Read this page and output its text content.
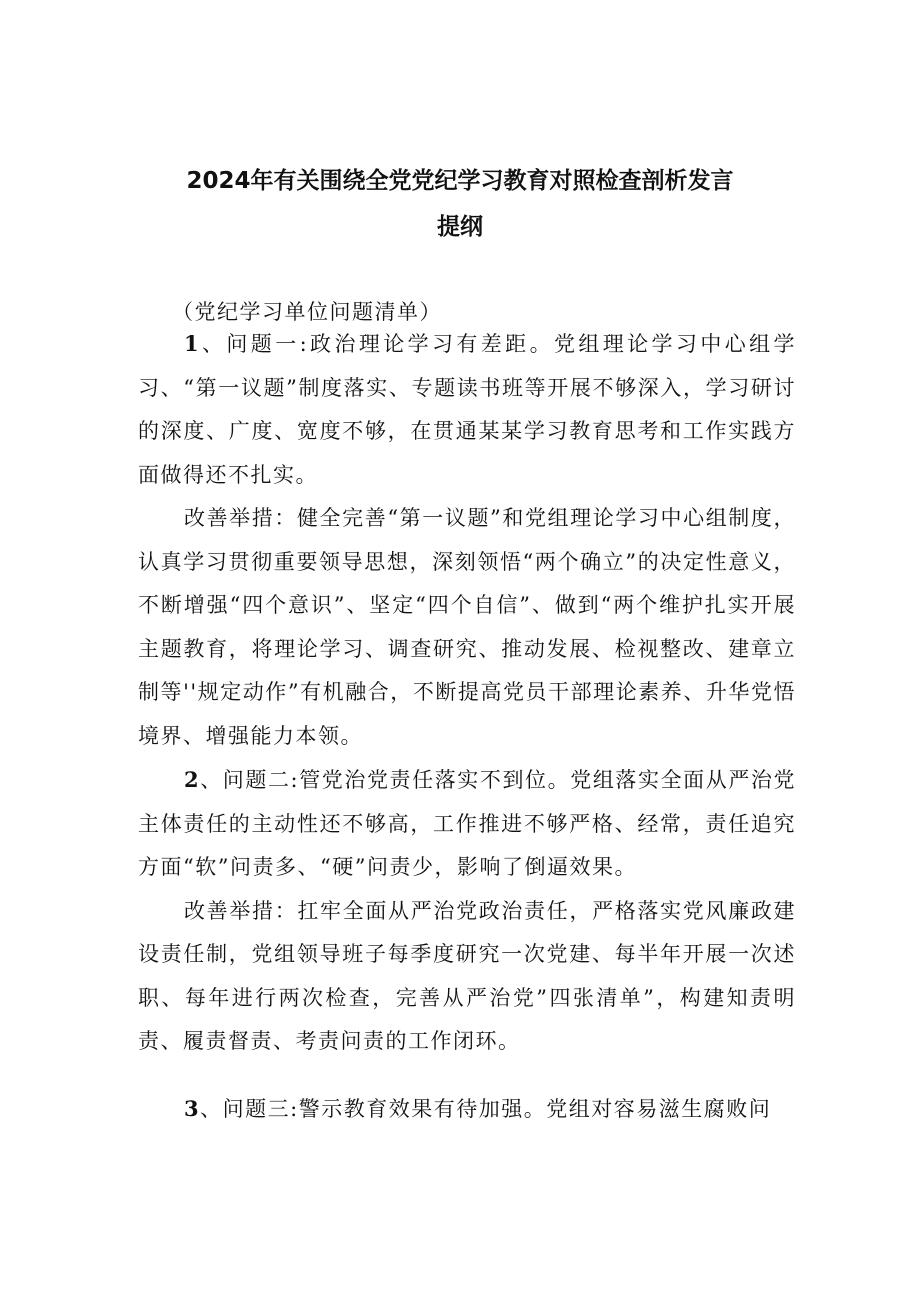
2024年有关围绕全党党纪学习教育对照检查剖析发言
提纲
（党纪学习单位问题清单）

1、问题一:政治理论学习有差距。党组理论学习中心组学习、“第一议题”制度落实、专题读书班等开展不够深入，学习研讨的深度、广度、宽度不够，在贯通某某学习教育思考和工作实践方面做得还不扎实。

改善举措：健全完善“第一议题”和党组理论学习中心组制度，认真学习贯彻重要领导思想，深刻领悟“两个确立”的决定性意义，不断增强“四个意识”、坚定“四个自信”、做到“两个维护扎实开展主题教育，将理论学习、调查研究、推动发展、检视整改、建章立制等''规定动作”有机融合，不断提高党员干部理论素养、升华党悟境界、增强能力本领。

2、问题二:管党治党责任落实不到位。党组落实全面从严治党主体责任的主动性还不够高，工作推进不够严格、经常，责任追究方面“软”问责多、“硬”问责少，影响了倒逼效果。

改善举措：扛牢全面从严治党政治责任，严格落实党风廉政建设责任制，党组领导班子每季度研究一次党建、每半年开展一次述职、每年进行两次检查，完善从严治党”四张清单”，构建知责明责、履责督责、考责问责的工作闭环。

3、问题三:警示教育效果有待加强。党组对容易滋生腐败问
